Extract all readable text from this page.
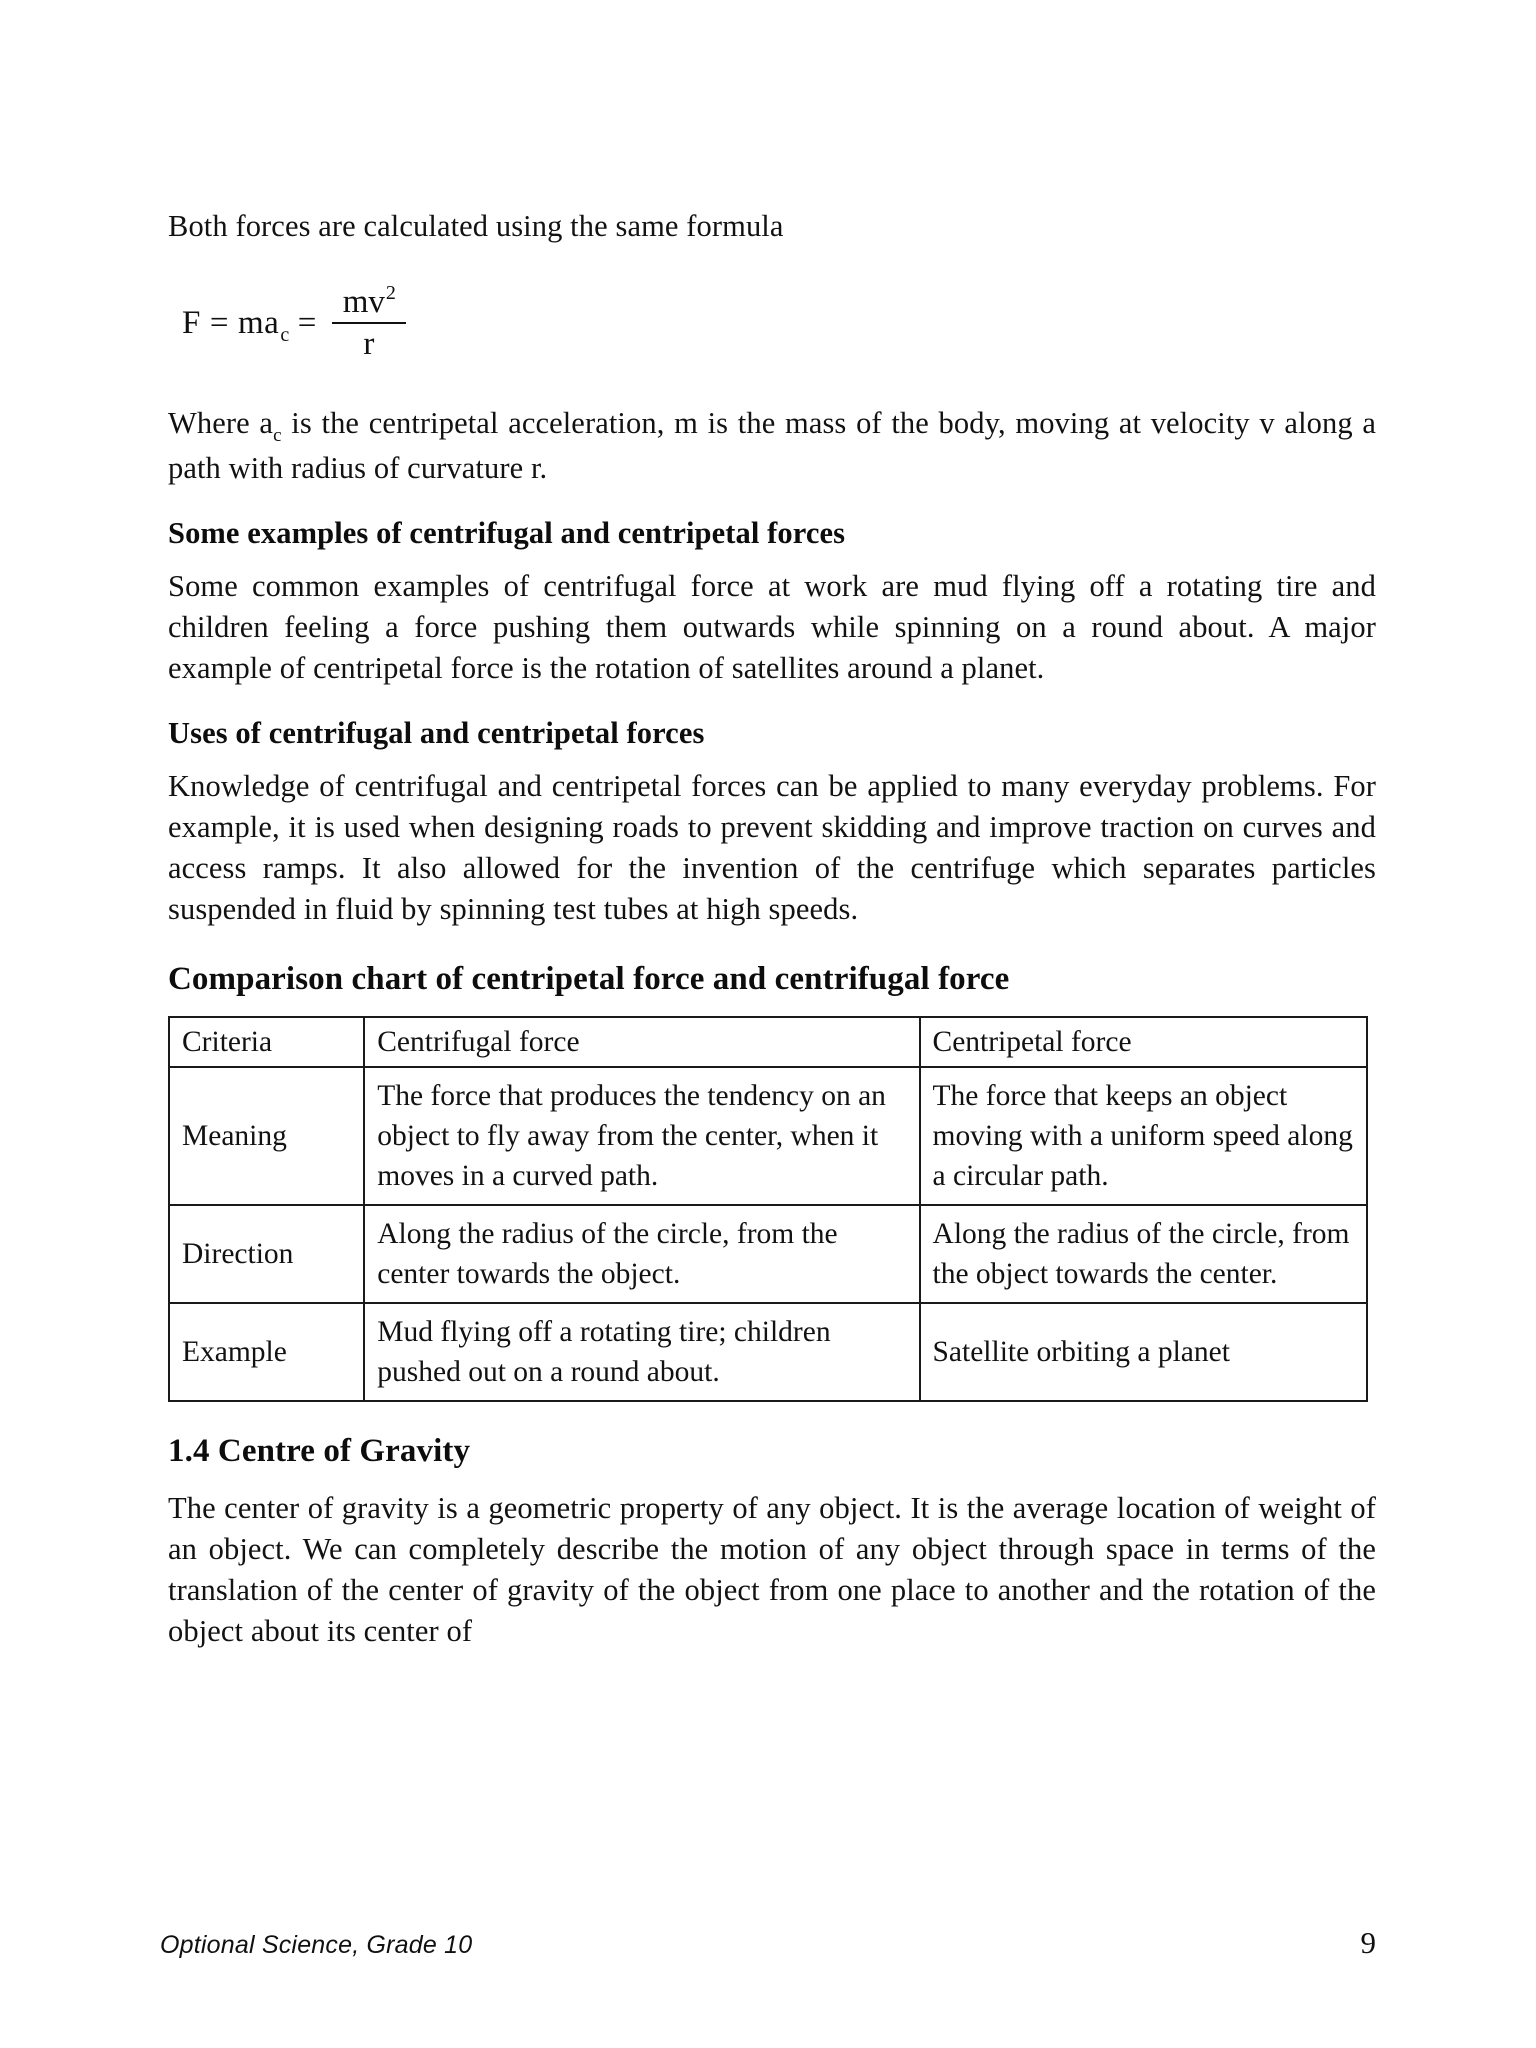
Both forces are calculated using the same formula

F = ma $c = \frac{mv^2}{r}$

Where $a_c$ is the centripetal acceleration, m is the mass of the body, moving at velocity v along a path with radius of curvature r.

Some examples of centrifugal and centripetal forces

Some common examples of centrifugal force at work are mud flying off a rotating tire and children feeling a force pushing them outwards while spinning on a round about. A major example of centripetal force is the rotation of satellites around a planet.

Uses of centrifugal and centripetal forces

Knowledge of centrifugal and centripetal forces can be applied to many everyday problems. For example, it is used when designing roads to prevent skidding and improve traction on curves and access ramps. It also allowed for the invention of the centrifuge which separates particles suspended in fluid by spinning test tubes at high speeds.

Comparison chart of centripetal force and centrifugal force
Criteria	Centrifugal force	Centripetal force
Meaning	The force that produces the tendency on an object to fly away from the center, when it moves in a curved path.	The force that keeps an object moving with a uniform speed along a circular path.
Direction	Along the radius of the circle, from the center towards the object.	Along the radius of the circle, from the object towards the center.
Example	Mud flying off a rotating tire; children pushed out on a round about.	Satellite orbiting a planet
1.4 Centre of Gravity

The center of gravity is a geometric property of any object. It is the average location of weight of an object. We can completely describe the motion of any object through space in terms of the translation of the center of gravity of the object from one place to another and the rotation of the object about its center of

Optional Science, Grade 10	9
